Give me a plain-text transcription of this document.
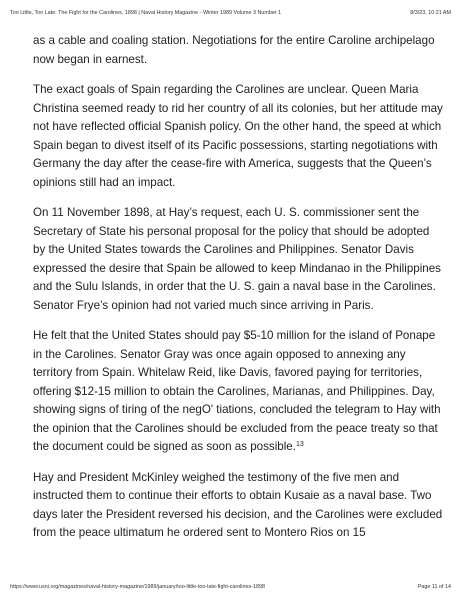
Too Little, Too Late: The Fight for the Carolines, 1898 | Naval History Magazine - Winter 1989 Volume 3 Number 1	8/3/23, 10:21 AM

as a cable and coaling station. Negotiations for the entire Caroline archipelago now began in earnest.

The exact goals of Spain regarding the Carolines are unclear. Queen Maria Christina seemed ready to rid her country of all its colonies, but her attitude may not have reflected official Spanish policy. On the other hand, the speed at which Spain began to divest itself of its Pacific possessions, starting negotiations with Germany the day after the cease-fire with America, suggests that the Queen’s opinions still had an impact.

On 11 November 1898, at Hay’s request, each U. S. commissioner sent the Secretary of State his personal proposal for the policy that should be adopted by the United States towards the Carolines and Philippines. Senator Davis expressed the desire that Spain be allowed to keep Mindanao in the Philippines and the Sulu Islands, in order that the U. S. gain a naval base in the Carolines. Senator Frye’s opinion had not varied much since arriving in Paris.

He felt that the United States should pay $5-10 million for the island of Ponape in the Carolines. Senator Gray was once again opposed to annexing any territory from Spain. Whitelaw Reid, like Davis, favored paying for territories, offering $12-15 million to obtain the Carolines, Marianas, and Philippines. Day, showing signs of tiring of the negO' tiations, concluded the telegram to Hay with the opinion that the Carolines should be excluded from the peace treaty so that the document could be signed as soon as possible.$^{13}$

Hay and President McKinley weighed the testimony of the five men and instructed them to continue their efforts to obtain Kusaie as a naval base. Two days later the President reversed his decision, and the Carolines were excluded from the peace ultimatum he ordered sent to Montero Rios on 15

https://www.usni.org/magazines/naval-history-magazine/1989/january/too-little-too-late-fight-carolines-1898	Page 11 of 14
